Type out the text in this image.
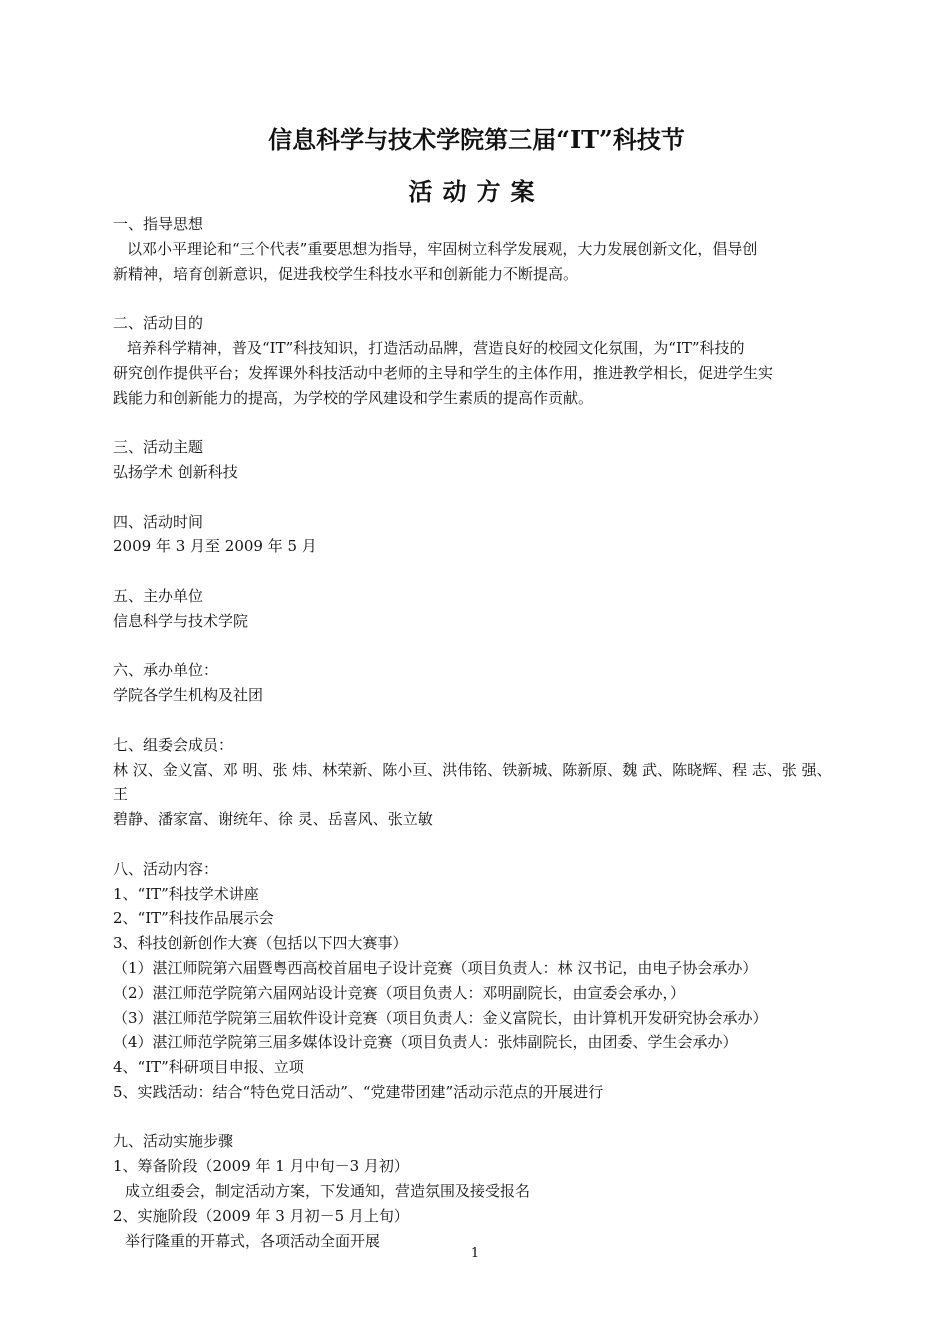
信息科学与技术学院第三届“IT”科技节
活动方案

一、指导思想

以邓小平理论和“三个代表”重要思想为指导，牢固树立科学发展观，大力发展创新文化，倡导创

新精神，培育创新意识，促进我校学生科技水平和创新能力不断提高。

二、活动目的

培养科学精神，普及“IT”科技知识，打造活动品牌，营造良好的校园文化氛围，为“IT”科技的

研究创作提供平台；发挥课外科技活动中老师的主导和学生的主体作用，推进教学相长，促进学生实

践能力和创新能力的提高，为学校的学风建设和学生素质的提高作贡献。

三、活动主题

弘扬学术 创新科技

四、活动时间

2009 年 3 月至 2009 年 5 月

五、主办单位

信息科学与技术学院

六、承办单位：

学院各学生机构及社团

七、组委会成员：

林 汉、金义富、邓 明、张 炜、林荣新、陈小亘、洪伟铭、铁新城、陈新原、魏 武、陈晓辉、程 志、张 强、王

碧静、潘家富、谢统年、徐 灵、岳喜风、张立敏

八、活动内容：

1、“IT”科技学术讲座

2、“IT”科技作品展示会

3、科技创新创作大赛（包括以下四大赛事）

（1）湛江师院第六届暨粤西高校首届电子设计竞赛（项目负责人：林 汉书记，由电子协会承办）

（2）湛江师范学院第六届网站设计竞赛（项目负责人：邓明副院长，由宣委会承办，）

（3）湛江师范学院第三届软件设计竞赛（项目负责人：金义富院长，由计算机开发研究协会承办）

（4）湛江师范学院第三届多媒体设计竞赛（项目负责人：张炜副院长，由团委、学生会承办）

4、“IT”科研项目申报、立项

5、实践活动：结合“特色党日活动”、“党建带团建”活动示范点的开展进行

九、活动实施步骤

1、筹备阶段（2009 年 1 月中旬－3 月初）

成立组委会，制定活动方案，下发通知，营造氛围及接受报名

2、实施阶段（2009 年 3 月初－5 月上旬）

举行隆重的开幕式，各项活动全面开展

1
